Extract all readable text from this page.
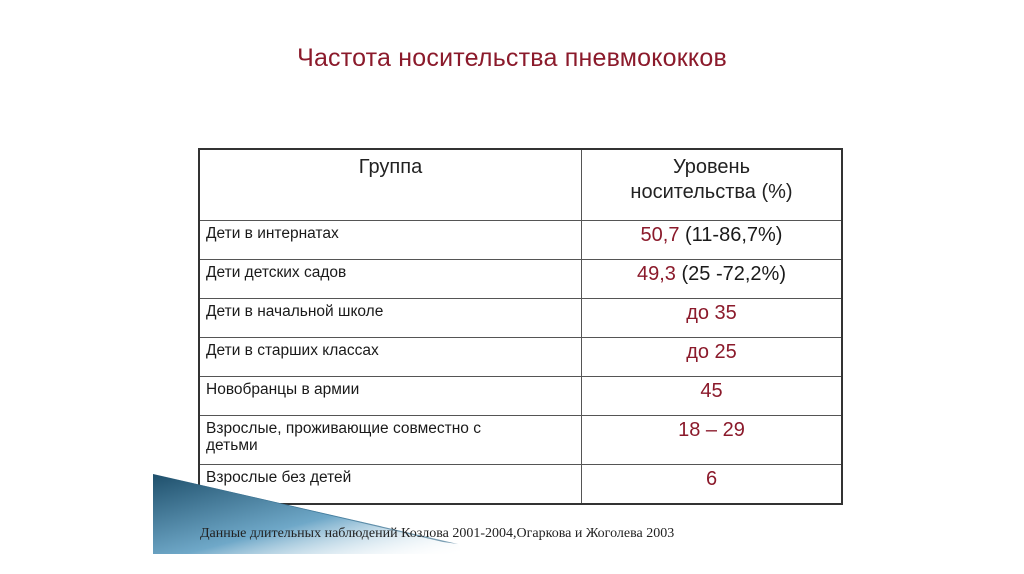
Частота носительства пневмококков
Группа	Уровень носительства (%)
Дети в интернатах	50,7 (11-86,7%)
Дети детских садов	49,3 (25 -72,2%)
Дети в начальной школе	до 35
Дети в старших классах	до 25
Новобранцы в армии	45
Взрослые, проживающие совместно с детьми	18 – 29
Взрослые без детей	6
Данные длительных наблюдений Козлова 2001-2004,Огаркова и Жоголева 2003
